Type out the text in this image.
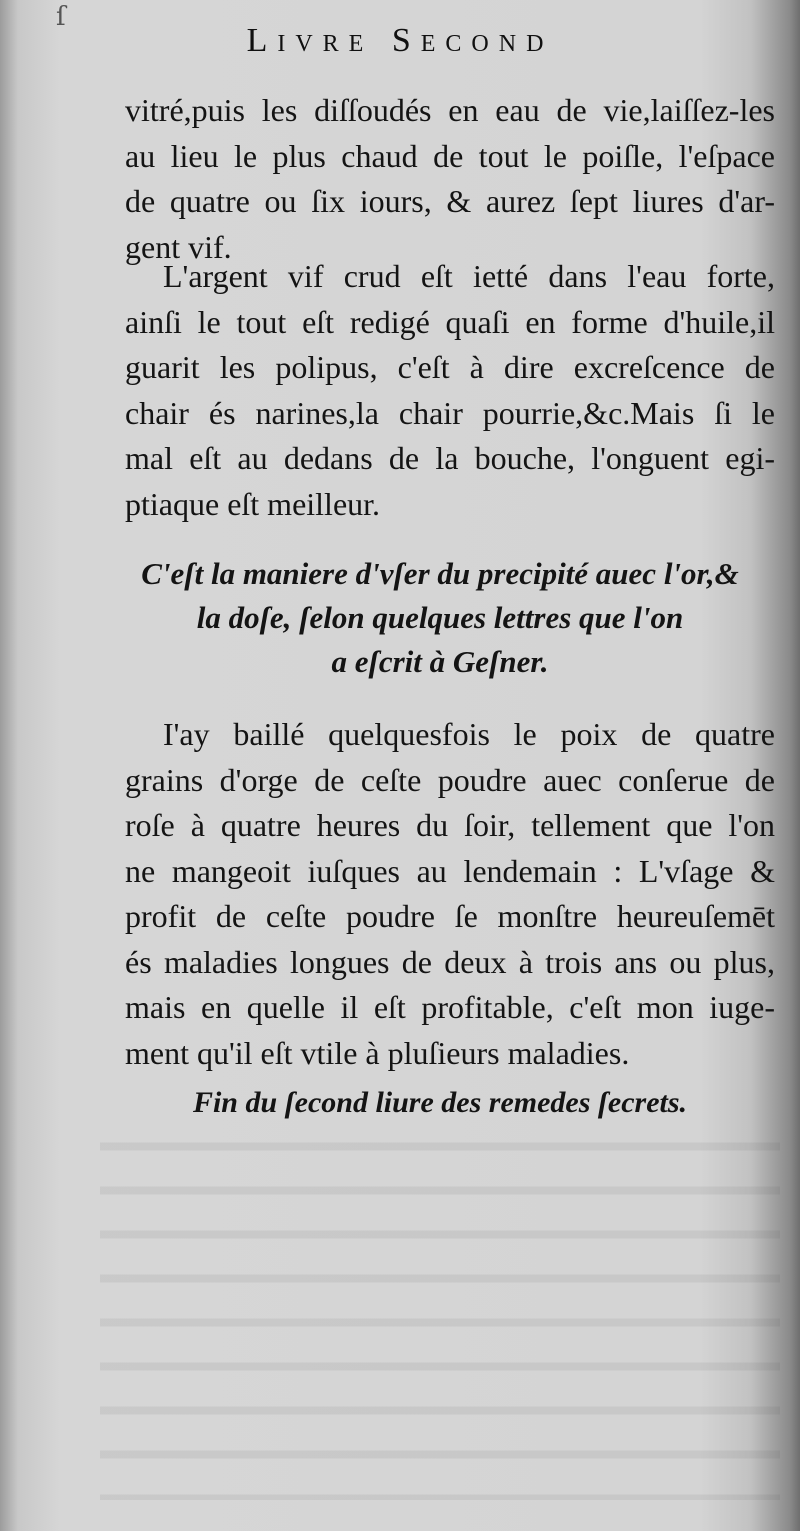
ſ
Livre Second
vitré,puis les diſſoudés en eau de vie,laiſſez-les
au lieu le plus chaud de tout le poiſle, l'eſpace
de quatre ou ſix iours, & aurez ſept liures d'ar-
gent vif.
L'argent vif crud eſt ietté dans l'eau forte,
ainſi le tout eſt redigé quaſi en forme d'huile,il
guarit les polipus, c'eſt à dire excreſcence de
chair és narines,la chair pourrie,&c.Mais ſi le
mal eſt au dedans de la bouche, l'onguent egi-
ptiaque eſt meilleur.
C'eſt la maniere d'vſer du precipité auec l'or,&
la doſe, ſelon quelques lettres que l'on
a eſcrit à Geſner.
I'ay baillé quelquesfois le poix de quatre
grains d'orge de ceſte poudre auec conſerue de
roſe à quatre heures du ſoir, tellement que l'on
ne mangeoit iuſques au lendemain : L'vſage &
profit de ceſte poudre ſe monſtre heureuſemēt
és maladies longues de deux à trois ans ou plus,
mais en quelle il eſt profitable, c'eſt mon iuge-
ment qu'il eſt vtile à pluſieurs maladies.
Fin du ſecond liure des remedes ſecrets.
